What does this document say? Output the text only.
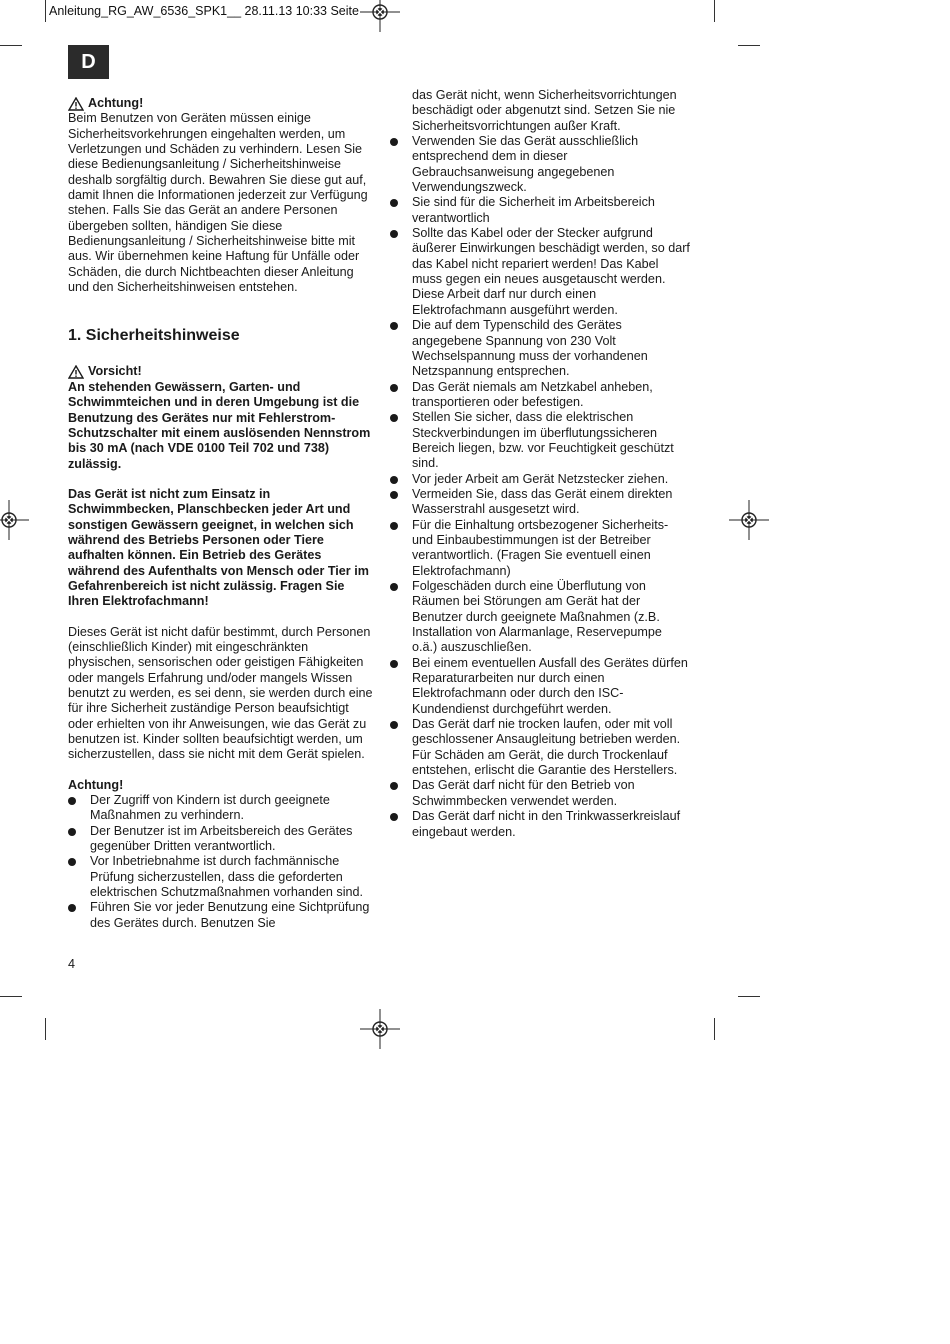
Anleitung_RG_AW_6536_SPK1__ 28.11.13 10:33 Seite
D
Achtung!

Beim Benutzen von Geräten müssen einige Sicherheitsvorkehrungen eingehalten werden, um Verletzungen und Schäden zu verhindern. Lesen Sie diese Bedienungsanleitung / Sicherheitshinweise deshalb sorgfältig durch. Bewahren Sie diese gut auf, damit Ihnen die Informationen jederzeit zur Verfügung stehen. Falls Sie das Gerät an andere Personen übergeben sollten, händigen Sie diese Bedienungsanleitung / Sicherheitshinweise bitte mit aus. Wir übernehmen keine Haftung für Unfälle oder Schäden, die durch Nichtbeachten dieser Anleitung und den Sicherheitshinweisen entstehen.

1. Sicherheitshinweise

Vorsicht!

An stehenden Gewässern, Garten- und Schwimmteichen und in deren Umgebung ist die Benutzung des Gerätes nur mit Fehlerstrom-Schutzschalter mit einem auslösenden Nennstrom bis 30 mA (nach VDE 0100 Teil 702 und 738) zulässig.

Das Gerät ist nicht zum Einsatz in Schwimmbecken, Planschbecken jeder Art und sonstigen Gewässern geeignet, in welchen sich während des Betriebs Personen oder Tiere aufhalten können. Ein Betrieb des Gerätes während des Aufenthalts von Mensch oder Tier im Gefahrenbereich ist nicht zulässig. Fragen Sie Ihren Elektrofachmann!

Dieses Gerät ist nicht dafür bestimmt, durch Personen (einschließlich Kinder) mit eingeschränkten physischen, sensorischen oder geistigen Fähigkeiten oder mangels Erfahrung und/oder mangels Wissen benutzt zu werden, es sei denn, sie werden durch eine für ihre Sicherheit zuständige Person beaufsichtigt oder erhielten von ihr Anweisungen, wie das Gerät zu benutzen ist. Kinder sollten beaufsichtigt werden, um sicherzustellen, dass sie nicht mit dem Gerät spielen.

Achtung!

Der Zugriff von Kindern ist durch geeignete Maßnahmen zu verhindern.
Der Benutzer ist im Arbeitsbereich des Gerätes gegenüber Dritten verantwortlich.
Vor Inbetriebnahme ist durch fachmännische Prüfung sicherzustellen, dass die geforderten elektrischen Schutzmaßnahmen vorhanden sind.
Führen Sie vor jeder Benutzung eine Sichtprüfung des Gerätes durch. Benutzen Sie

das Gerät nicht, wenn Sicherheitsvorrichtungen beschädigt oder abgenutzt sind. Setzen Sie nie Sicherheitsvorrichtungen außer Kraft.

Verwenden Sie das Gerät ausschließlich entsprechend dem in dieser Gebrauchsanweisung angegebenen Verwendungszweck.
Sie sind für die Sicherheit im Arbeitsbereich verantwortlich
Sollte das Kabel oder der Stecker aufgrund äußerer Einwirkungen beschädigt werden, so darf das Kabel nicht repariert werden! Das Kabel muss gegen ein neues ausgetauscht werden. Diese Arbeit darf nur durch einen Elektrofachmann ausgeführt werden.
Die auf dem Typenschild des Gerätes angegebene Spannung von 230 Volt Wechselspannung muss der vorhandenen Netzspannung entsprechen.
Das Gerät niemals am Netzkabel anheben, transportieren oder befestigen.
Stellen Sie sicher, dass die elektrischen Steckverbindungen im überflutungssicheren Bereich liegen, bzw. vor Feuchtigkeit geschützt sind.
Vor jeder Arbeit am Gerät Netzstecker ziehen.
Vermeiden Sie, dass das Gerät einem direkten Wasserstrahl ausgesetzt wird.
Für die Einhaltung ortsbezogener Sicherheits- und Einbaubestimmungen ist der Betreiber verantwortlich. (Fragen Sie eventuell einen Elektrofachmann)
Folgeschäden durch eine Überflutung von Räumen bei Störungen am Gerät hat der Benutzer durch geeignete Maßnahmen (z.B. Installation von Alarmanlage, Reservepumpe o.ä.) auszuschließen.
Bei einem eventuellen Ausfall des Gerätes dürfen Reparaturarbeiten nur durch einen Elektrofachmann oder durch den ISC-Kundendienst durchgeführt werden.
Das Gerät darf nie trocken laufen, oder mit voll geschlossener Ansaugleitung betrieben werden. Für Schäden am Gerät, die durch Trockenlauf entstehen, erlischt die Garantie des Herstellers.
Das Gerät darf nicht für den Betrieb von Schwimmbecken verwendet werden.
Das Gerät darf nicht in den Trinkwasserkreislauf eingebaut werden.
4
